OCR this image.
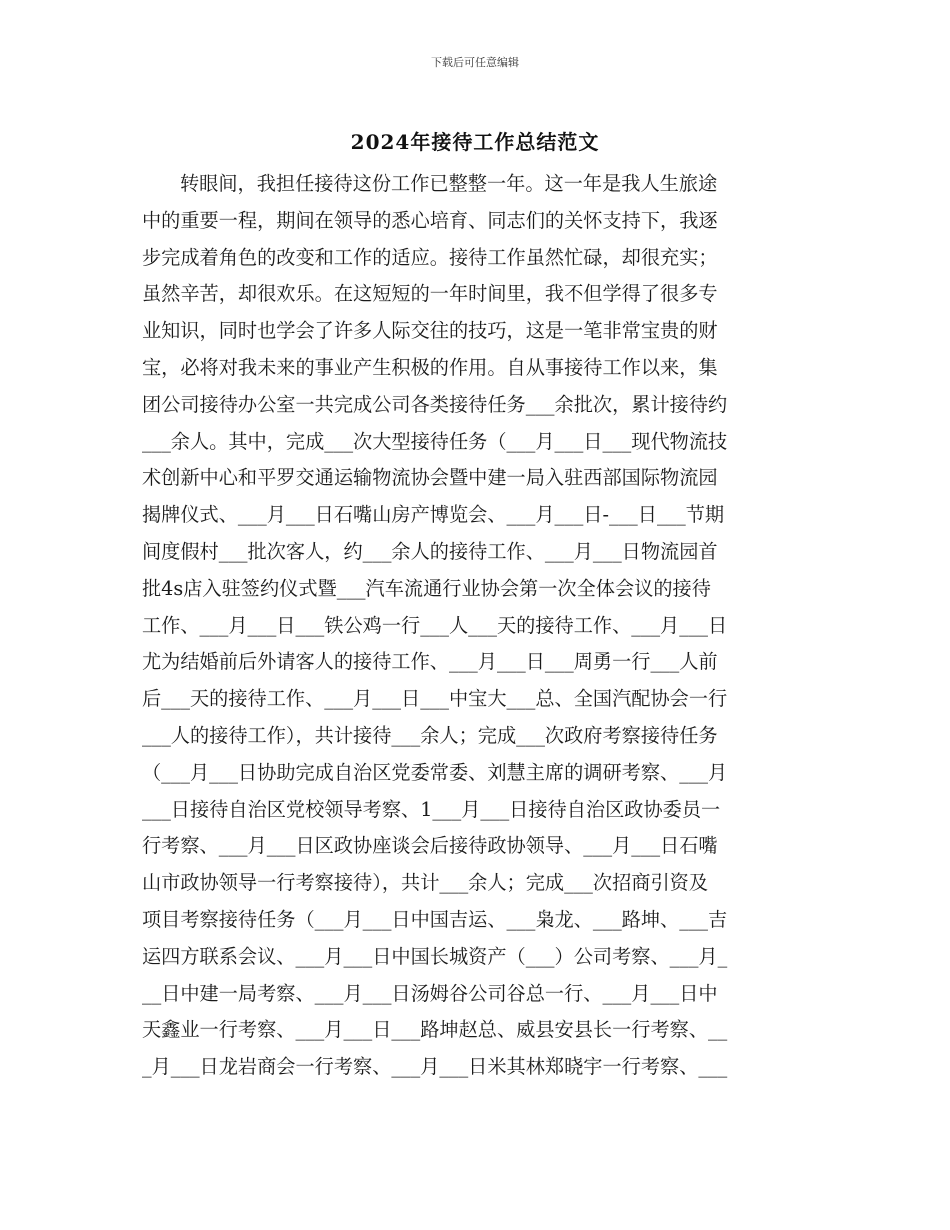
下载后可任意编辑
2024年接待工作总结范文
转眼间，我担任接待这份工作已整整一年。这一年是我人生旅途
中的重要一程，期间在领导的悉心培育、同志们的关怀支持下，我逐
步完成着角色的改变和工作的适应。接待工作虽然忙碌，却很充实；
虽然辛苦，却很欢乐。在这短短的一年时间里，我不但学得了很多专
业知识，同时也学会了许多人际交往的技巧，这是一笔非常宝贵的财
宝，必将对我未来的事业产生积极的作用。自从事接待工作以来，集
团公司接待办公室一共完成公司各类接待任务___余批次，累计接待约
___余人。其中，完成___次大型接待任务（___月___日___现代物流技
术创新中心和平罗交通运输物流协会暨中建一局入驻西部国际物流园
揭牌仪式、___月___日石嘴山房产博览会、___月___日-___日___节期
间度假村___批次客人，约___余人的接待工作、___月___日物流园首
批4s店入驻签约仪式暨___汽车流通行业协会第一次全体会议的接待
工作、___月___日___铁公鸡一行___人___天的接待工作、___月___日
尤为结婚前后外请客人的接待工作、___月___日___周勇一行___人前
后___天的接待工作、___月___日___中宝大___总、全国汽配协会一行
___人的接待工作），共计接待___余人；完成___次政府考察接待任务
（___月___日协助完成自治区党委常委、刘慧主席的调研考察、___月
___日接待自治区党校领导考察、1___月___日接待自治区政协委员一
行考察、___月___日区政协座谈会后接待政协领导、___月___日石嘴
山市政协领导一行考察接待），共计___余人；完成___次招商引资及
项目考察接待任务（___月___日中国吉运、___枭龙、___路坤、___吉
运四方联系会议、___月___日中国长城资产（___）公司考察、___月_
__日中建一局考察、___月___日汤姆谷公司谷总一行、___月___日中
天鑫业一行考察、___月___日___路坤赵总、威县安县长一行考察、__
_月___日龙岩商会一行考察、___月___日米其林郑晓宇一行考察、___
